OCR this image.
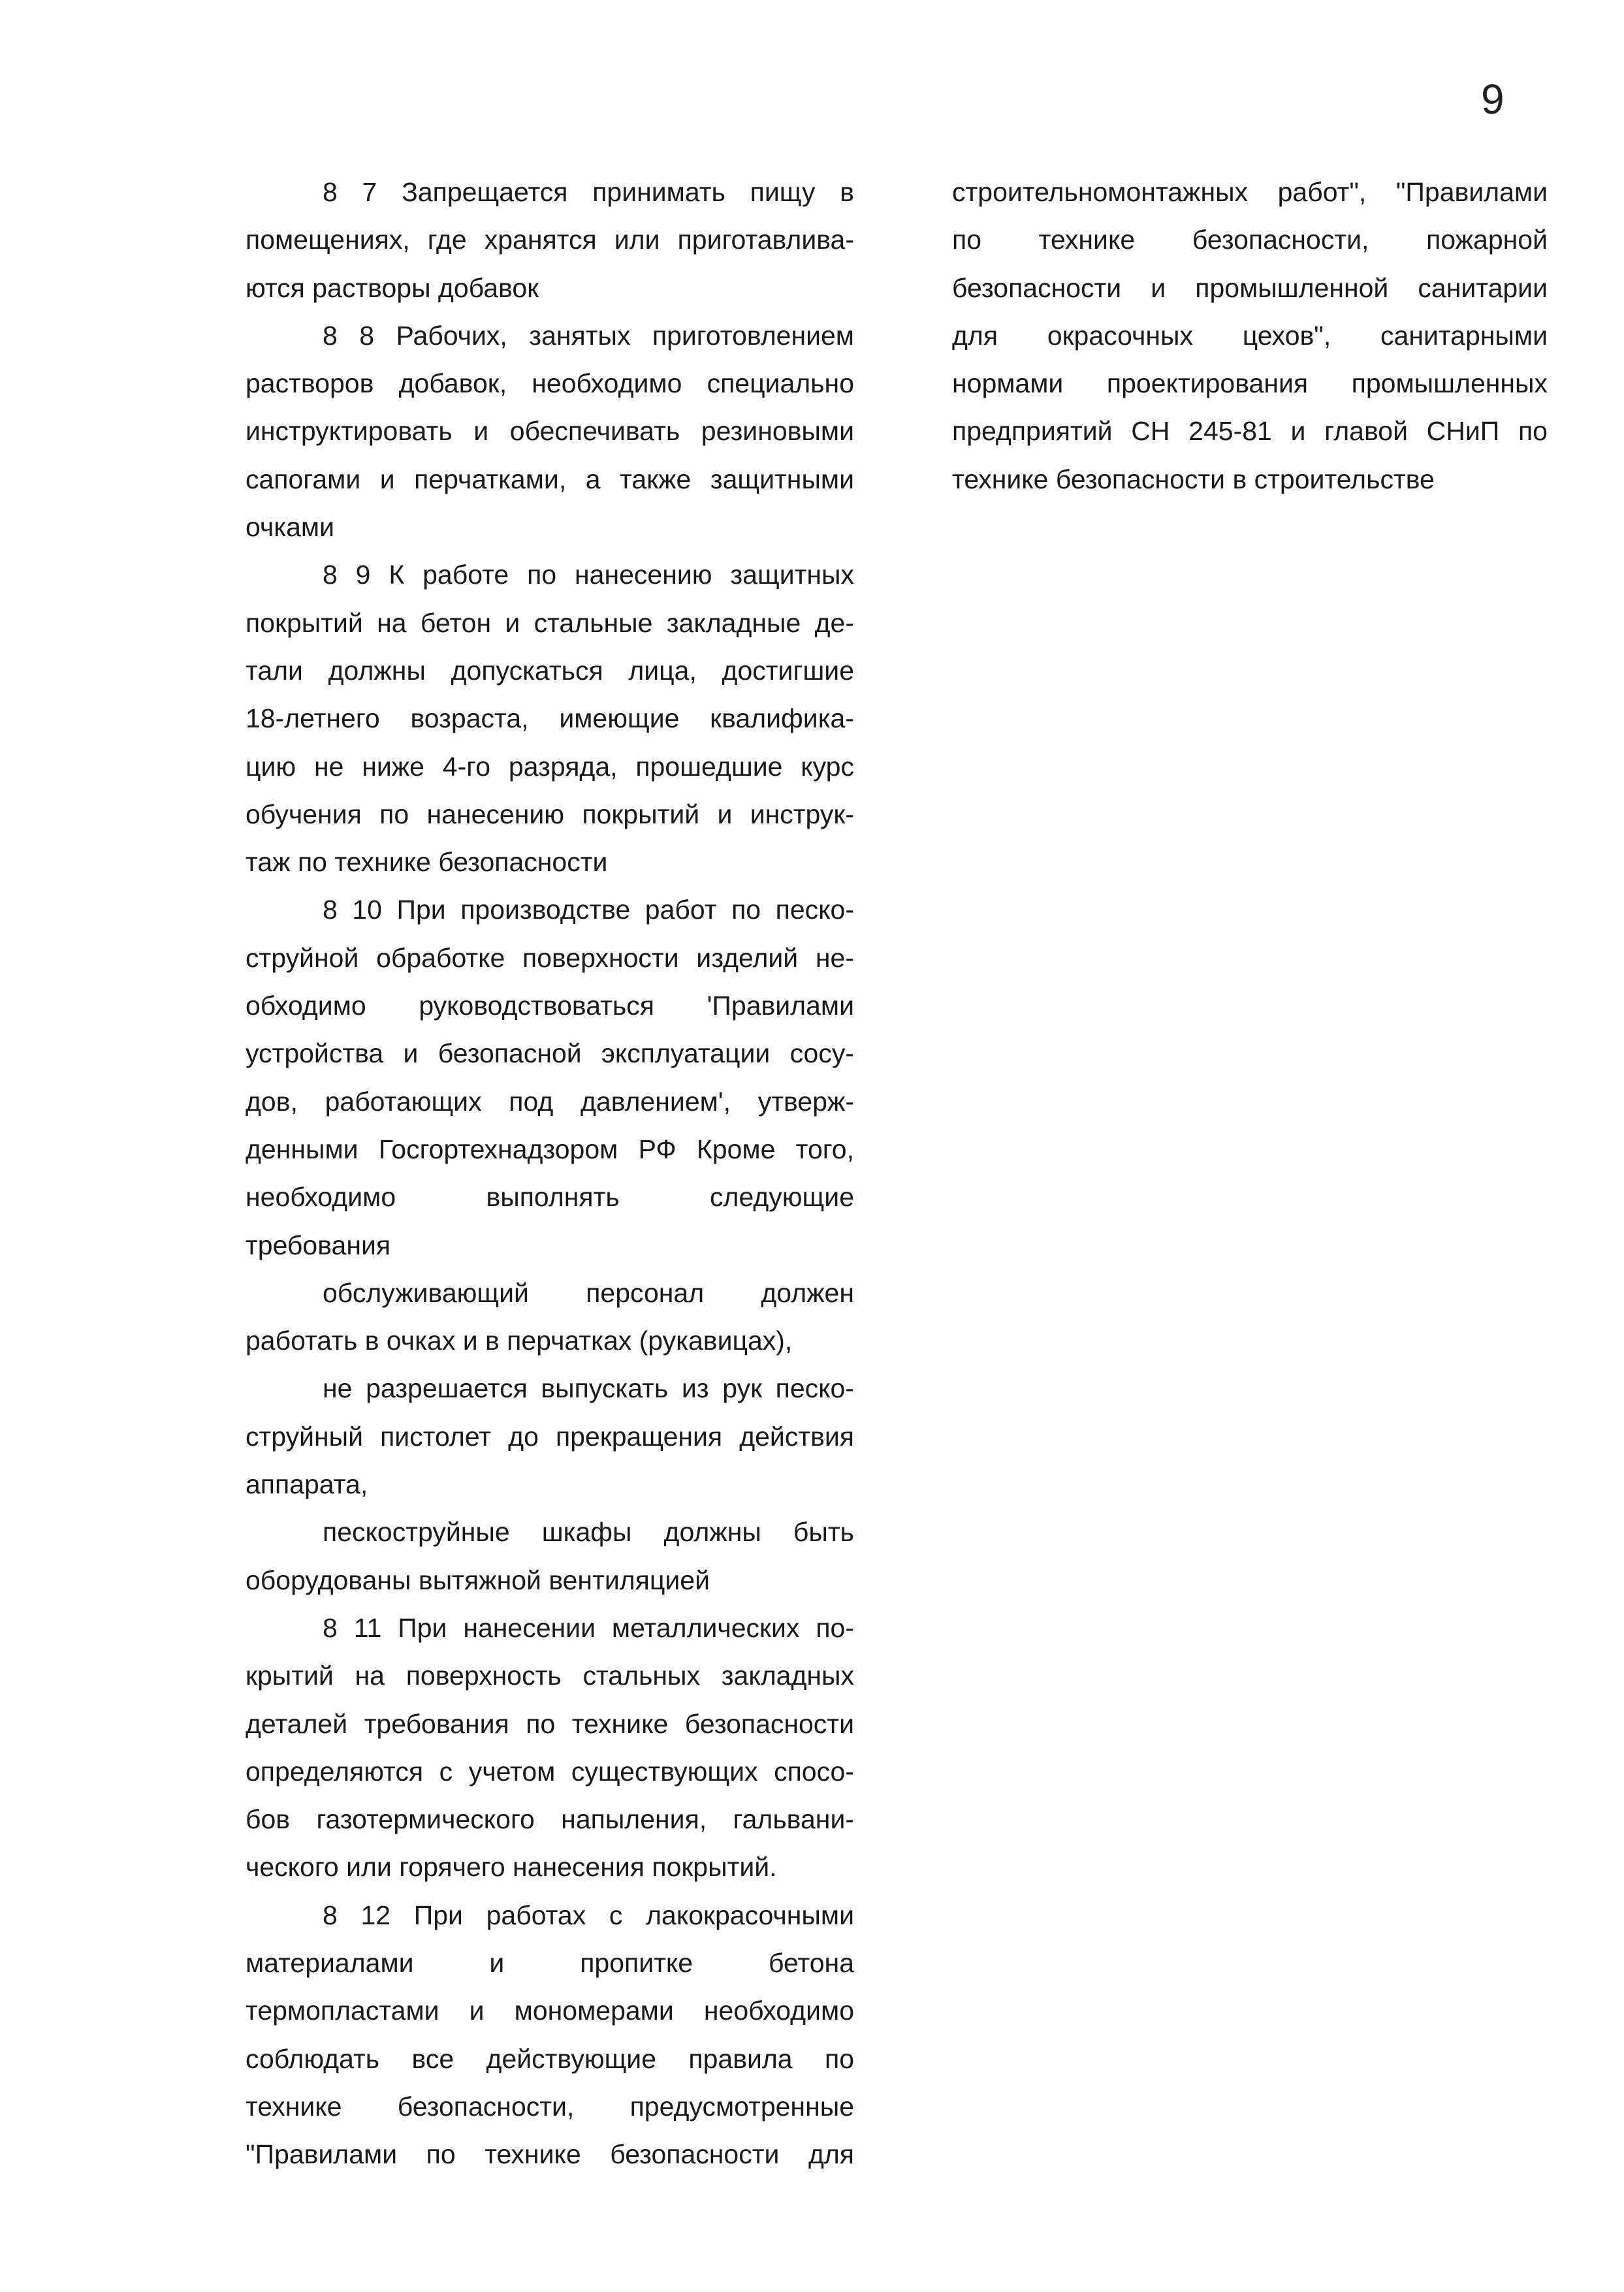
9
8 7 Запрещается принимать пищу в
помещениях, где хранятся или приготавлива-
ются растворы добавок
8 8 Рабочих, занятых приготовлением
растворов добавок, необходимо специально
инструктировать и обеспечивать резиновыми
сапогами и перчатками, а также защитными
очками
8 9 К работе по нанесению защитных
покрытий на бетон и стальные закладные де-
тали должны допускаться лица, достигшие
18-летнего возраста, имеющие квалифика-
цию не ниже 4-го разряда, прошедшие курс
обучения по нанесению покрытий и инструк-
таж по технике безопасности
8 10 При производстве работ по песко-
струйной обработке поверхности изделий не-
обходимо руководствоваться 'Правилами
устройства и безопасной эксплуатации сосу-
дов, работающих под давлением', утверж-
денными Госгортехнадзором РФ Кроме того,
необходимо выполнять следующие
требования
обслуживающий персонал должен
работать в очках и в перчатках (рукавицах),
не разрешается выпускать из рук песко-
струйный пистолет до прекращения действия
аппарата,
пескоструйные шкафы должны быть
оборудованы вытяжной вентиляцией
8 11 При нанесении металлических по-
крытий на поверхность стальных закладных
деталей требования по технике безопасности
определяются с учетом существующих спосо-
бов газотермического напыления, гальвани-
ческого или горячего нанесения покрытий.
8 12 При работах с лакокрасочными
материалами и пропитке бетона
термопластами и мономерами необходимо
соблюдать все действующие правила по
технике безопасности, предусмотренные
"Правилами по технике безопасности для
строительномонтажных работ", "Правилами
по технике безопасности, пожарной
безопасности и промышленной санитарии
для окрасочных цехов", санитарными
нормами проектирования промышленных
предприятий СН 245-81 и главой СНиП по
технике безопасности в строительстве
